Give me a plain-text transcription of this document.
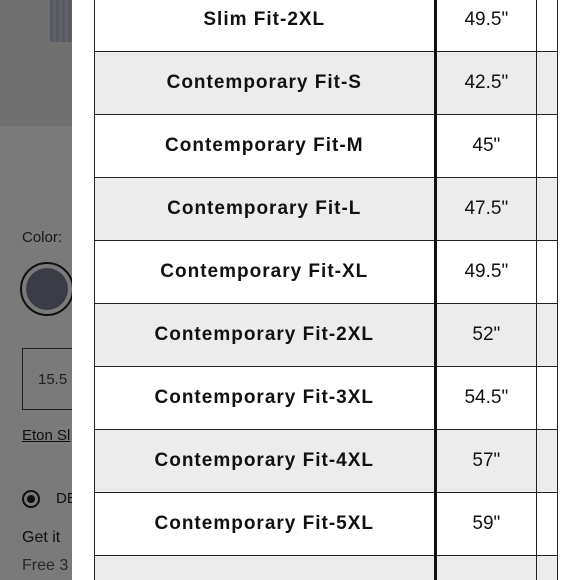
Slim Fit-2XL	49.5"	
Contemporary Fit-S	42.5"	
Contemporary Fit-M	45"	
Contemporary Fit-L	47.5"	
Contemporary Fit-XL	49.5"	
Contemporary Fit-2XL	52"	
Contemporary Fit-3XL	54.5"	
Contemporary Fit-4XL	57"	
Contemporary Fit-5XL	59"	
